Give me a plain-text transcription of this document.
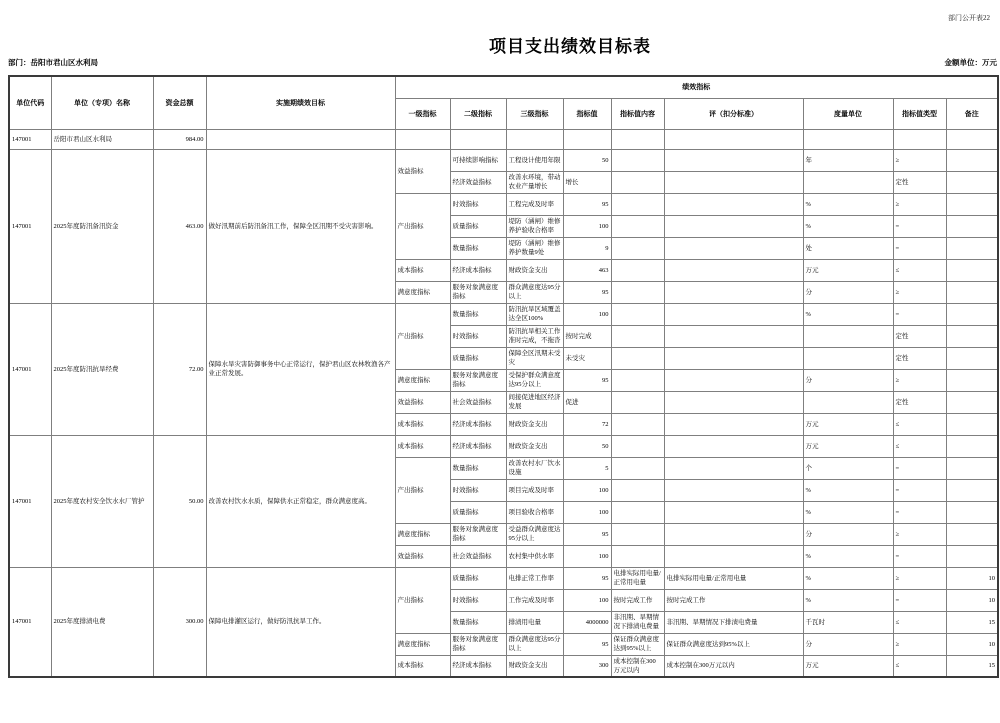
部门公开表22
项目支出绩效目标表
部门：岳阳市君山区水利局	金额单位：万元
单位代码	单位（专项）名称	资金总额	实施期绩效目标	绩效指标								
				一级指标	二级指标	三级指标	指标值	指标值内容	评（扣分标准）	度量单位	指标值类型	备注
147001	岳阳市君山区水利局	984.00										
147001	2025年度防汛备汛资金	463.00	做好汛期前后防汛备汛工作，保障全区汛期不受灾害影响。	效益指标	可持续影响指标	工程设计使用年限	50			年	≥	
					经济效益指标	改善水环境，带动农业产量增长	增长				定性	
				产出指标	时效指标	工程完成及时率	95			%	≥	
					质量指标	堤防（涵闸）维修养护验收合格率	100			%	=	
					数量指标	堤防（涵闸）维修养护数量9处	9			处	=	
				成本指标	经济成本指标	财政资金支出	463			万元	≤	
				满意度指标	服务对象满意度指标	群众满意度达95分以上	95			分	≥	
147001	2025年度防汛抗旱经费	72.00	保障水旱灾害防御事务中心正常运行，保护君山区农林牧渔各产业正常发展。	产出指标	数量指标	防汛抗旱区域覆盖达全区100%	100			%	=	
					时效指标	防汛抗旱相关工作准时完成，不拖沓	按时完成				定性	
					质量指标	保障全区汛期未受灾	未受灾				定性	
				满意度指标	服务对象满意度指标	受保护群众满意度达95分以上	95			分	≥	
				效益指标	社会效益指标	间接促进地区经济发展	促进				定性	
				成本指标	经济成本指标	财政资金支出	72			万元	≤	
147001	2025年度农村安全饮水水厂管护	50.00	改善农村饮水水质，保障供水正常稳定，群众满意度高。	成本指标	经济成本指标	财政资金支出	50			万元	≤	
				产出指标	数量指标	改善农村水厂饮水设施	5			个	=	
					时效指标	项目完成及时率	100			%	=	
					质量指标	项目验收合格率	100			%	=	
				满意度指标	服务对象满意度指标	受益群众满意度达95分以上	95			分	≥	
				效益指标	社会效益指标	农村集中供水率	100			%	=	
147001	2025年度排渍电费	300.00	保障电排灌区运行，做好防汛抗旱工作。	产出指标	质量指标	电排正常工作率	95	电排实际用电量/正常用电量	电排实际用电量/正常用电量	%	≥	10
					时效指标	工作完成及时率	100	按时完成工作	按时完成工作	%	=	10
					数量指标	排渍用电量	4000000	非汛期、旱期情况下排渍电费量	非汛期、旱期情况下排渍电费量	千瓦时	≤	15
				满意度指标	服务对象满意度指标	群众满意度达95分以上	95	保证群众满意度达到95%以上	保证群众满意度达到95%以上	分	≥	10
				成本指标	经济成本指标	财政资金支出	300	成本控制在300万元以内	成本控制在300万元以内	万元	≤	15
